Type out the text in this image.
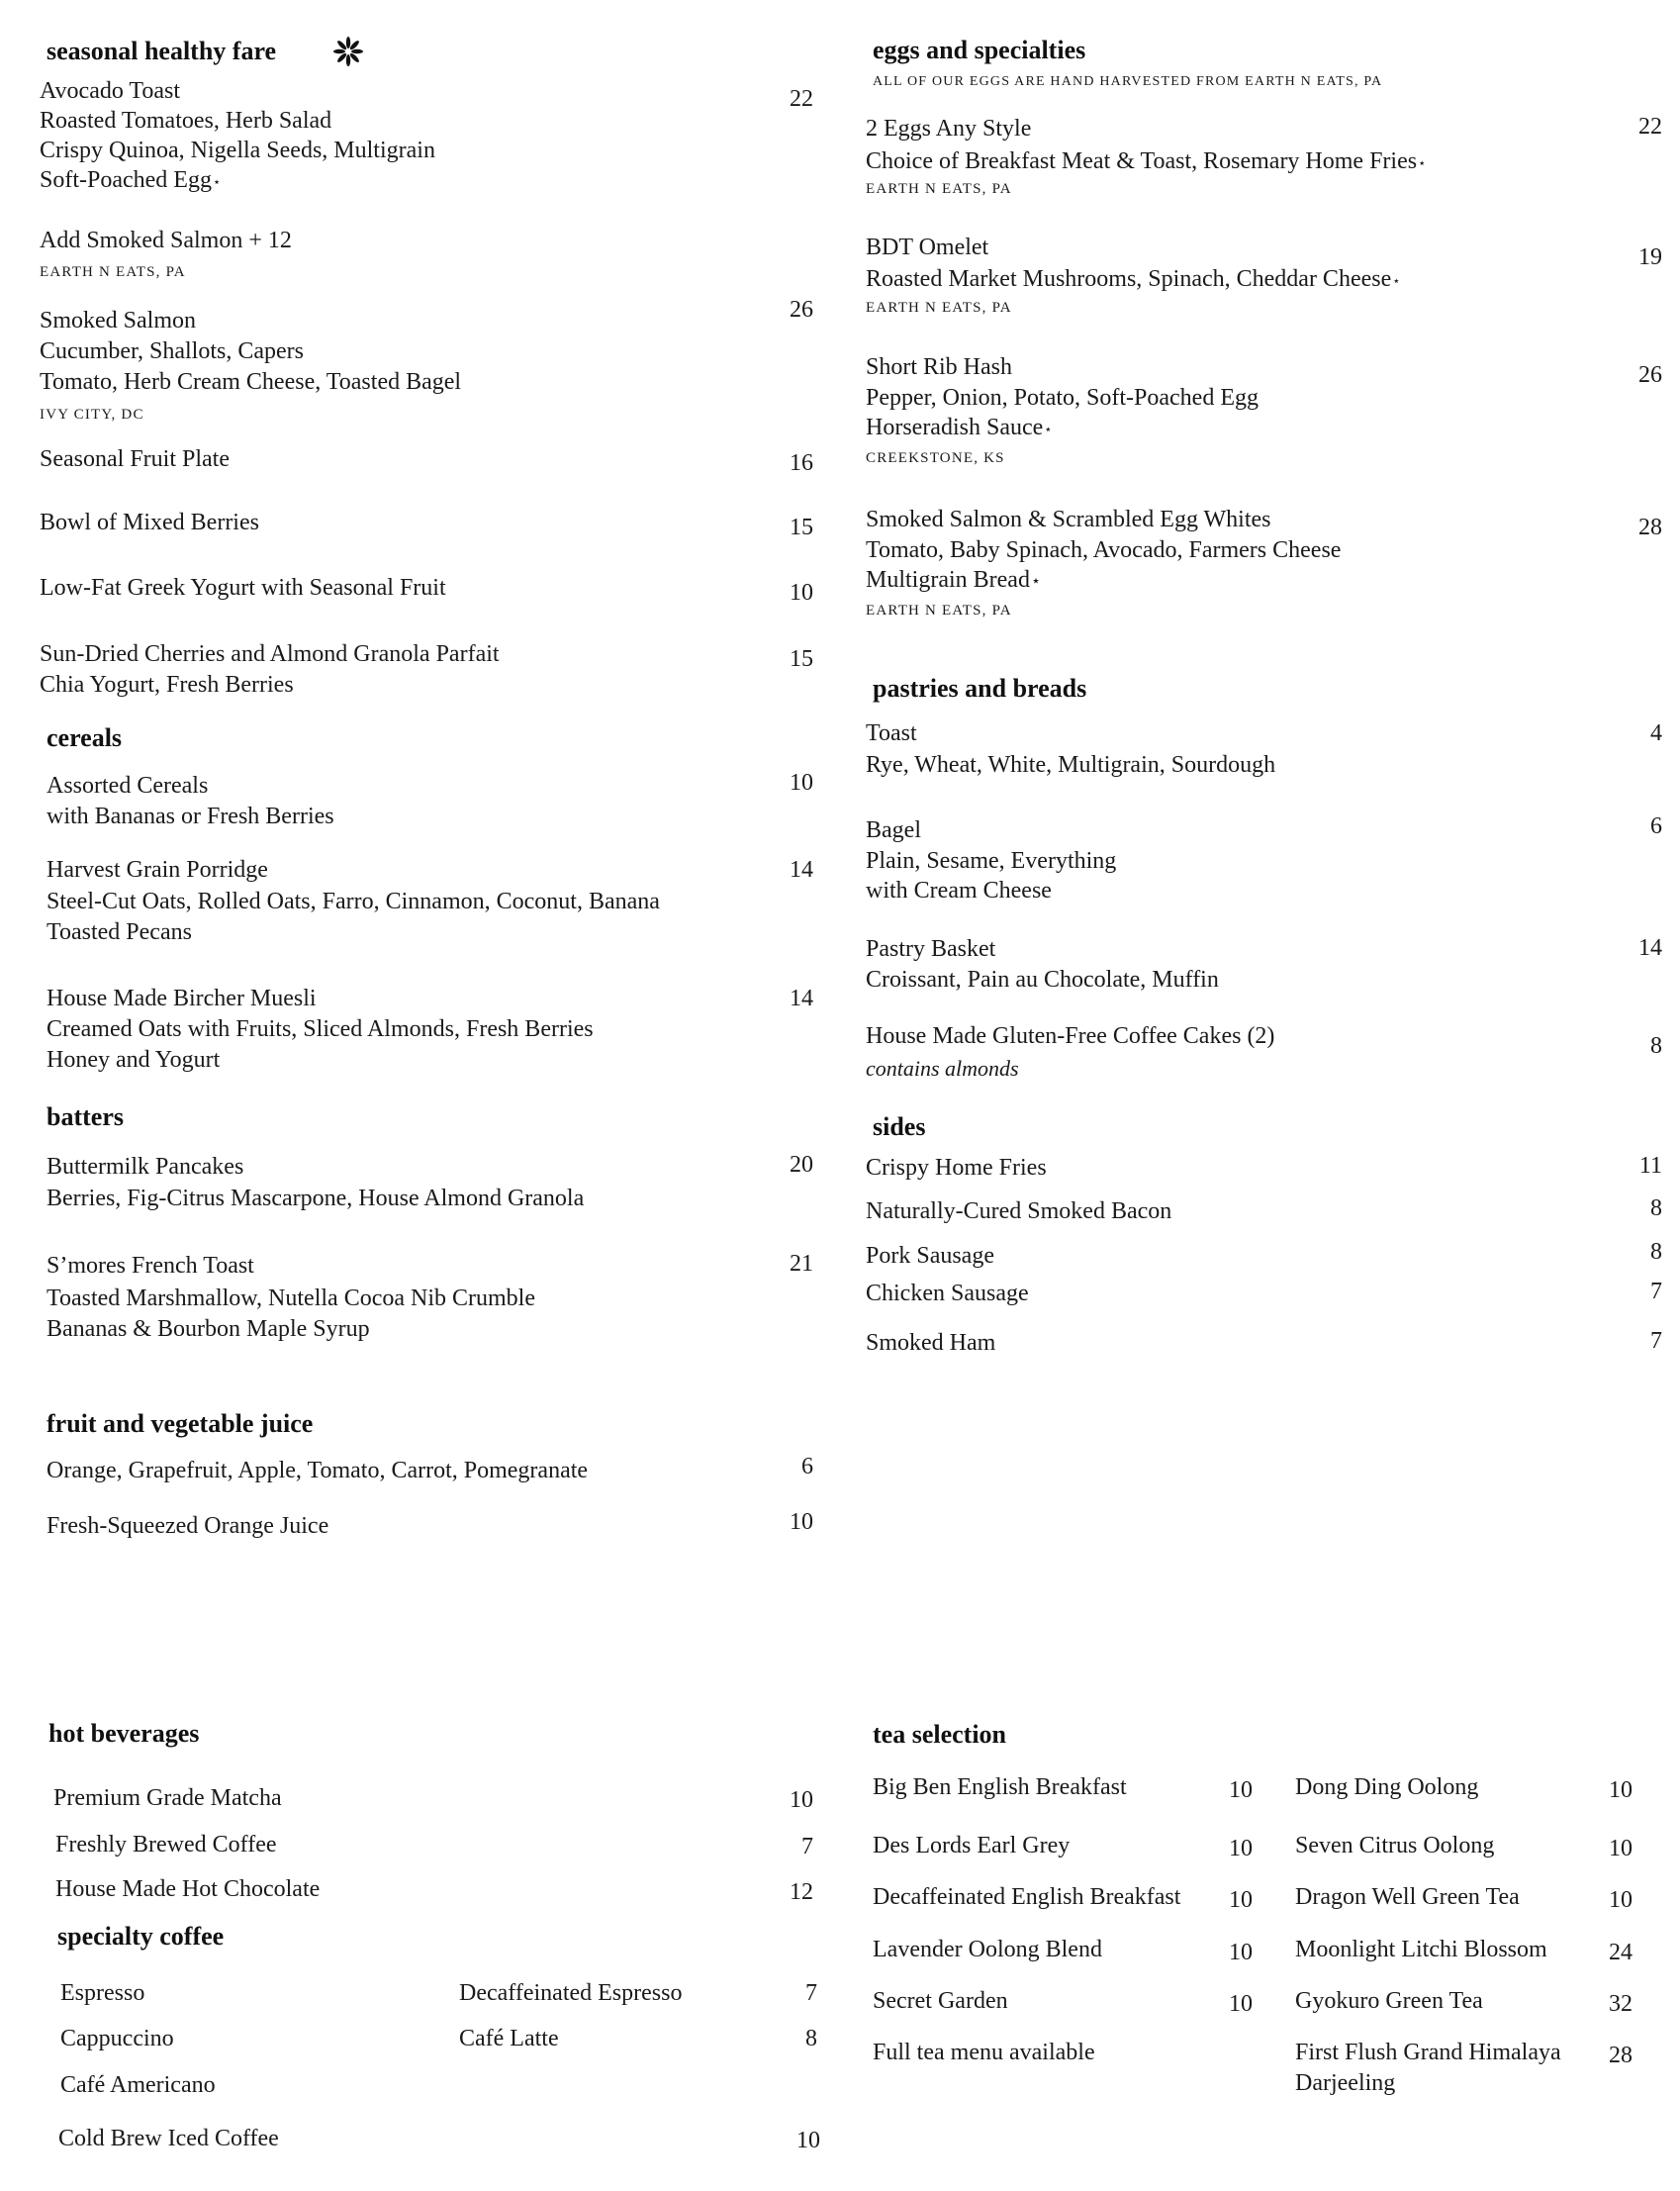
seasonal healthy fare
Avocado Toast
Roasted Tomatoes, Herb Salad
Crispy Quinoa, Nigella Seeds, Multigrain
Soft-Poached Egg⋆
22
Add Smoked Salmon + 12
EARTH N EATS, PA
Smoked Salmon
Cucumber, Shallots, Capers
Tomato, Herb Cream Cheese, Toasted Bagel
IVY CITY, DC
26
Seasonal Fruit Plate	16
Bowl of Mixed Berries	15
Low-Fat Greek Yogurt with Seasonal Fruit	10
Sun-Dried Cherries and Almond Granola Parfait
Chia Yogurt, Fresh Berries
15
cereals
Assorted Cereals
with Bananas or Fresh Berries
10
Harvest Grain Porridge
Steel-Cut Oats, Rolled Oats, Farro, Cinnamon, Coconut, Banana
Toasted Pecans
14
House Made Bircher Muesli
Creamed Oats with Fruits, Sliced Almonds, Fresh Berries
Honey and Yogurt
14
batters
Buttermilk Pancakes
Berries, Fig-Citrus Mascarpone, House Almond Granola
20
S’mores French Toast
Toasted Marshmallow, Nutella Cocoa Nib Crumble
Bananas & Bourbon Maple Syrup
21
fruit and vegetable juice
Orange, Grapefruit, Apple, Tomato, Carrot, Pomegranate	6
Fresh-Squeezed Orange Juice	10
eggs and specialties
ALL OF OUR EGGS ARE HAND HARVESTED FROM EARTH N EATS, PA
2 Eggs Any Style
Choice of Breakfast Meat & Toast, Rosemary Home Fries⋆
EARTH N EATS, PA
22
BDT Omelet
Roasted Market Mushrooms, Spinach, Cheddar Cheese⋆
EARTH N EATS, PA
19
Short Rib Hash
Pepper, Onion, Potato, Soft-Poached Egg
Horseradish Sauce⋆
CREEKSTONE, KS
26
Smoked Salmon & Scrambled Egg Whites
Tomato, Baby Spinach, Avocado, Farmers Cheese
Multigrain Bread⋆
EARTH N EATS, PA
28
pastries and breads
Toast
Rye, Wheat, White, Multigrain, Sourdough
4
Bagel
Plain, Sesame, Everything
with Cream Cheese
6
Pastry Basket
Croissant, Pain au Chocolate, Muffin
14
House Made Gluten-Free Coffee Cakes (2)
contains almonds
8
sides
Crispy Home Fries	11
Naturally-Cured Smoked Bacon	8
Pork Sausage	8
Chicken Sausage	7
Smoked Ham	7
hot beverages
Premium Grade Matcha	10
Freshly Brewed Coffee	7
House Made Hot Chocolate	12
specialty coffee
Espresso	Decaffeinated Espresso	7
Cappuccino	Café Latte	8
Café Americano
Cold Brew Iced Coffee	10
tea selection
Big Ben English Breakfast	10
Des Lords Earl Grey	10
Decaffeinated English Breakfast	10
Lavender Oolong Blend	10
Secret Garden	10
Full tea menu available
Dong Ding Oolong	10
Seven Citrus Oolong	10
Dragon Well Green Tea	10
Moonlight Litchi Blossom	24
Gyokuro Green Tea	32
First Flush Grand Himalaya	28
Darjeeling
